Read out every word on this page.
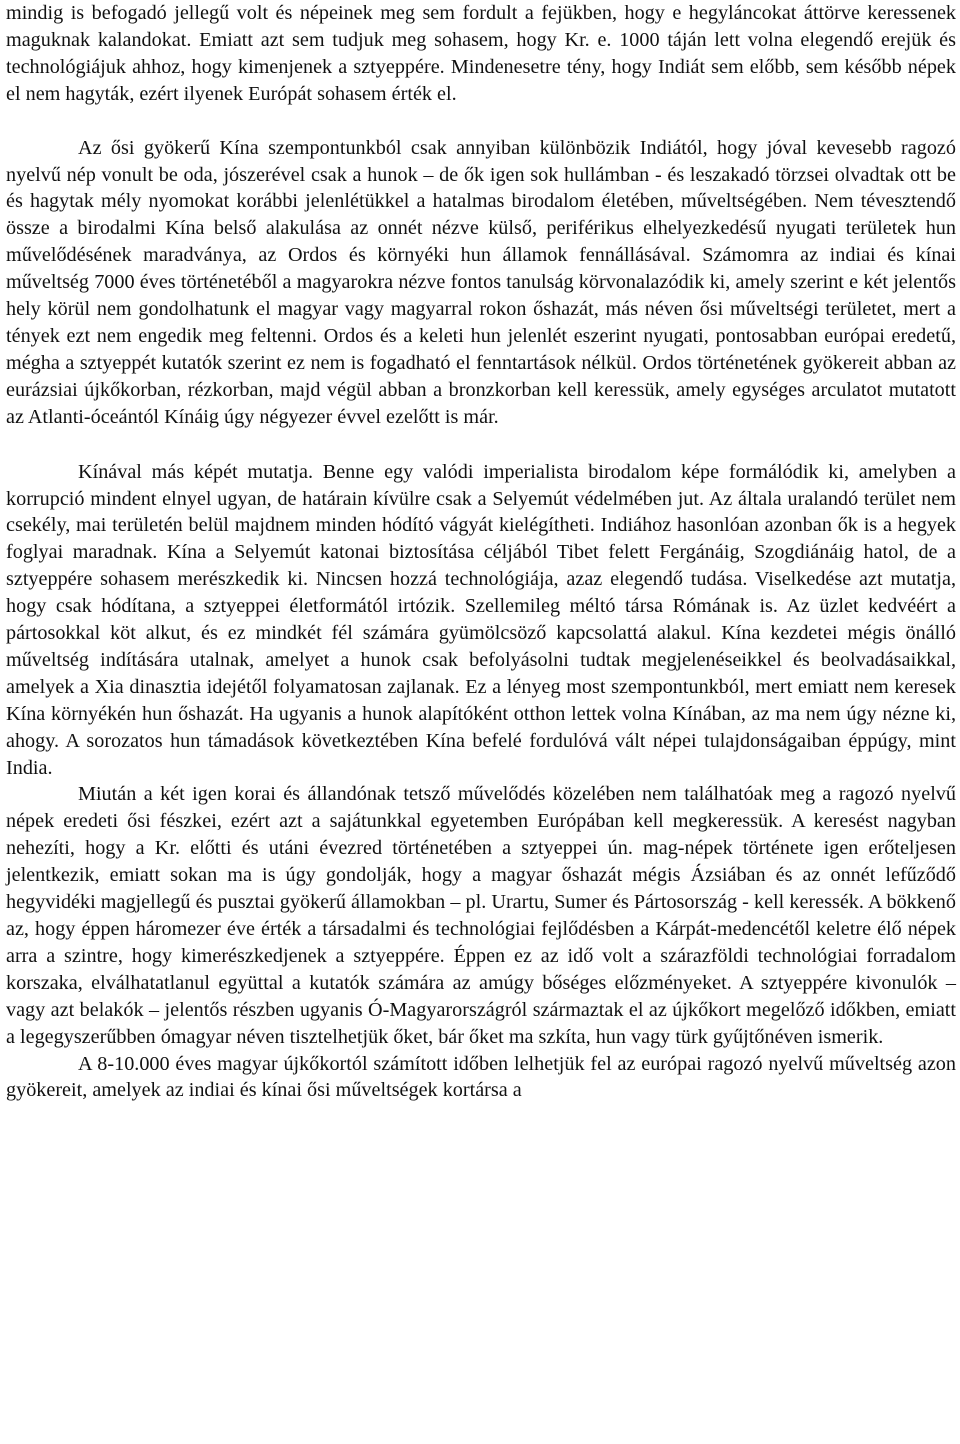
mindig is befogadó jellegű volt és népeinek meg sem fordult a fejükben, hogy e hegyláncokat áttörve keressenek maguknak kalandokat. Emiatt azt sem tudjuk meg sohasem, hogy Kr. e. 1000 táján lett volna elegendő erejük és technológiájuk ahhoz, hogy kimenjenek a sztyeppére. Mindenesetre tény, hogy Indiát sem előbb, sem később népek el nem hagyták, ezért ilyenek Európát sohasem érték el.

Az ősi gyökerű Kína szempontunkból csak annyiban különbözik Indiától, hogy jóval kevesebb ragozó nyelvű nép vonult be oda, jószerével csak a hunok – de ők igen sok hullámban - és leszakadó törzsei olvadtak ott be és hagytak mély nyomokat korábbi jelenlétükkel a hatalmas birodalom életében, műveltségében. Nem tévesztendő össze a birodalmi Kína belső alakulása az onnét nézve külső, periférikus elhelyezkedésű nyugati területek hun művelődésének maradványa, az Ordos és környéki hun államok fennállásával. Számomra az indiai és kínai műveltség 7000 éves történetéből a magyarokra nézve fontos tanulság körvonalazódik ki, amely szerint e két jelentős hely körül nem gondolhatunk el magyar vagy magyarral rokon őshazát, más néven ősi műveltségi területet, mert a tények ezt nem engedik meg feltenni. Ordos és a keleti hun jelenlét eszerint nyugati, pontosabban európai eredetű, mégha a sztyeppét kutatók szerint ez nem is fogadható el fenntartások nélkül. Ordos történetének gyökereit abban az eurázsiai újkőkorban, rézkorban, majd végül abban a bronzkorban kell keressük, amely egységes arculatot mutatott az Atlanti-óceántól Kínáig úgy négyezer évvel ezelőtt is már.

Kínával más képét mutatja. Benne egy valódi imperialista birodalom képe formálódik ki, amelyben a korrupció mindent elnyel ugyan, de határain kívülre csak a Selyemút védelmében jut. Az általa uralandó terület nem csekély, mai területén belül majdnem minden hódító vágyát kielégítheti. Indiához hasonlóan azonban ők is a hegyek foglyai maradnak. Kína a Selyemút katonai biztosítása céljából Tibet felett Fergánáig, Szogdiánáig hatol, de a sztyeppére sohasem merészkedik ki. Nincsen hozzá technológiája, azaz elegendő tudása. Viselkedése azt mutatja, hogy csak hódítana, a sztyeppei életformától irtózik. Szellemileg méltó társa Rómának is. Az üzlet kedvéért a pártosokkal köt alkut, és ez mindkét fél számára gyümölcsöző kapcsolattá alakul. Kína kezdetei mégis önálló műveltség indítására utalnak, amelyet a hunok csak befolyásolni tudtak megjelenéseikkel és beolvadásaikkal, amelyek a Xia dinasztia idejétől folyamatosan zajlanak. Ez a lényeg most szempontunkból, mert emiatt nem keresek Kína környékén hun őshazát. Ha ugyanis a hunok alapítóként otthon lettek volna Kínában, az ma nem úgy nézne ki, ahogy. A sorozatos hun támadások következtében Kína befelé fordulóvá vált népei tulajdonságaiban éppúgy, mint India.

Miután a két igen korai és állandónak tetsző művelődés közelében nem találhatóak meg a ragozó nyelvű népek eredeti ősi fészkei, ezért azt a sajátunkkal egyetemben Európában kell megkeressük. A keresést nagyban nehezíti, hogy a Kr. előtti és utáni évezred történetében a sztyeppei ún. mag-népek története igen erőteljesen jelentkezik, emiatt sokan ma is úgy gondolják, hogy a magyar őshazát mégis Ázsiában és az onnét lefűződő hegyvidéki magjellegű és pusztai gyökerű államokban – pl. Urartu, Sumer és Pártosország - kell keressék. A bökkenő az, hogy éppen háromezer éve érték a társadalmi és technológiai fejlődésben a Kárpát-medencétől keletre élő népek arra a szintre, hogy kimerészkedjenek a sztyeppére. Éppen ez az idő volt a szárazföldi technológiai forradalom korszaka, elválhatatlanul együttal a kutatók számára az amúgy bőséges előzményeket. A sztyeppére kivonulók – vagy azt belakók – jelentős részben ugyanis Ó-Magyarországról származtak el az újkőkort megelőző időkben, emiatt a legegyszerűbben ómagyar néven tisztelhetjük őket, bár őket ma szkíta, hun vagy türk gyűjtőnéven ismerik.

A 8-10.000 éves magyar újkőkortól számított időben lelhetjük fel az európai ragozó nyelvű műveltség azon gyökereit, amelyek az indiai és kínai ősi műveltségek kortársa a
